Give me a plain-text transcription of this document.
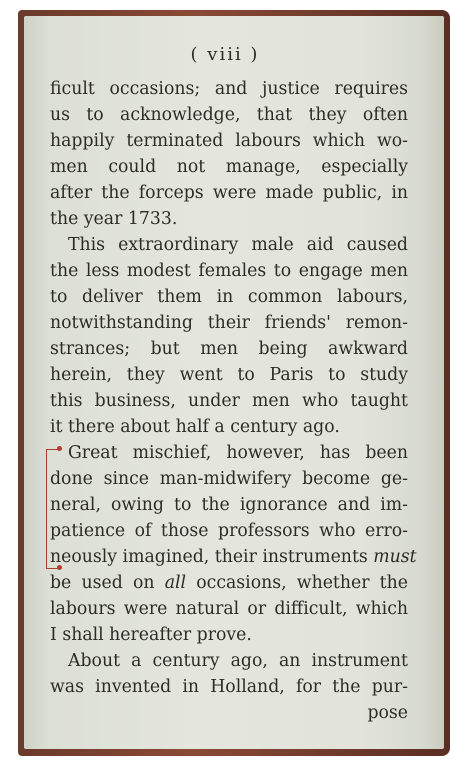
( viii )
ficult occasions; and justice requires
us to acknowledge, that they often
happily terminated labours which wo-
men could not manage, especially
after the forceps were made public, in
the year 1733.
This extraordinary male aid caused
the less modest females to engage men
to deliver them in common labours,
notwithstanding their friends' remon-
strances; but men being awkward
herein, they went to Paris to study
this business, under men who taught
it there about half a century ago.
Great mischief, however, has been
done since man-midwifery become ge-
neral, owing to the ignorance and im-
patience of those professors who erro-
neously imagined, their instruments must
be used on all occasions, whether the
labours were natural or difficult, which
I shall hereafter prove.
About a century ago, an instrument
was invented in Holland, for the pur-
pose
